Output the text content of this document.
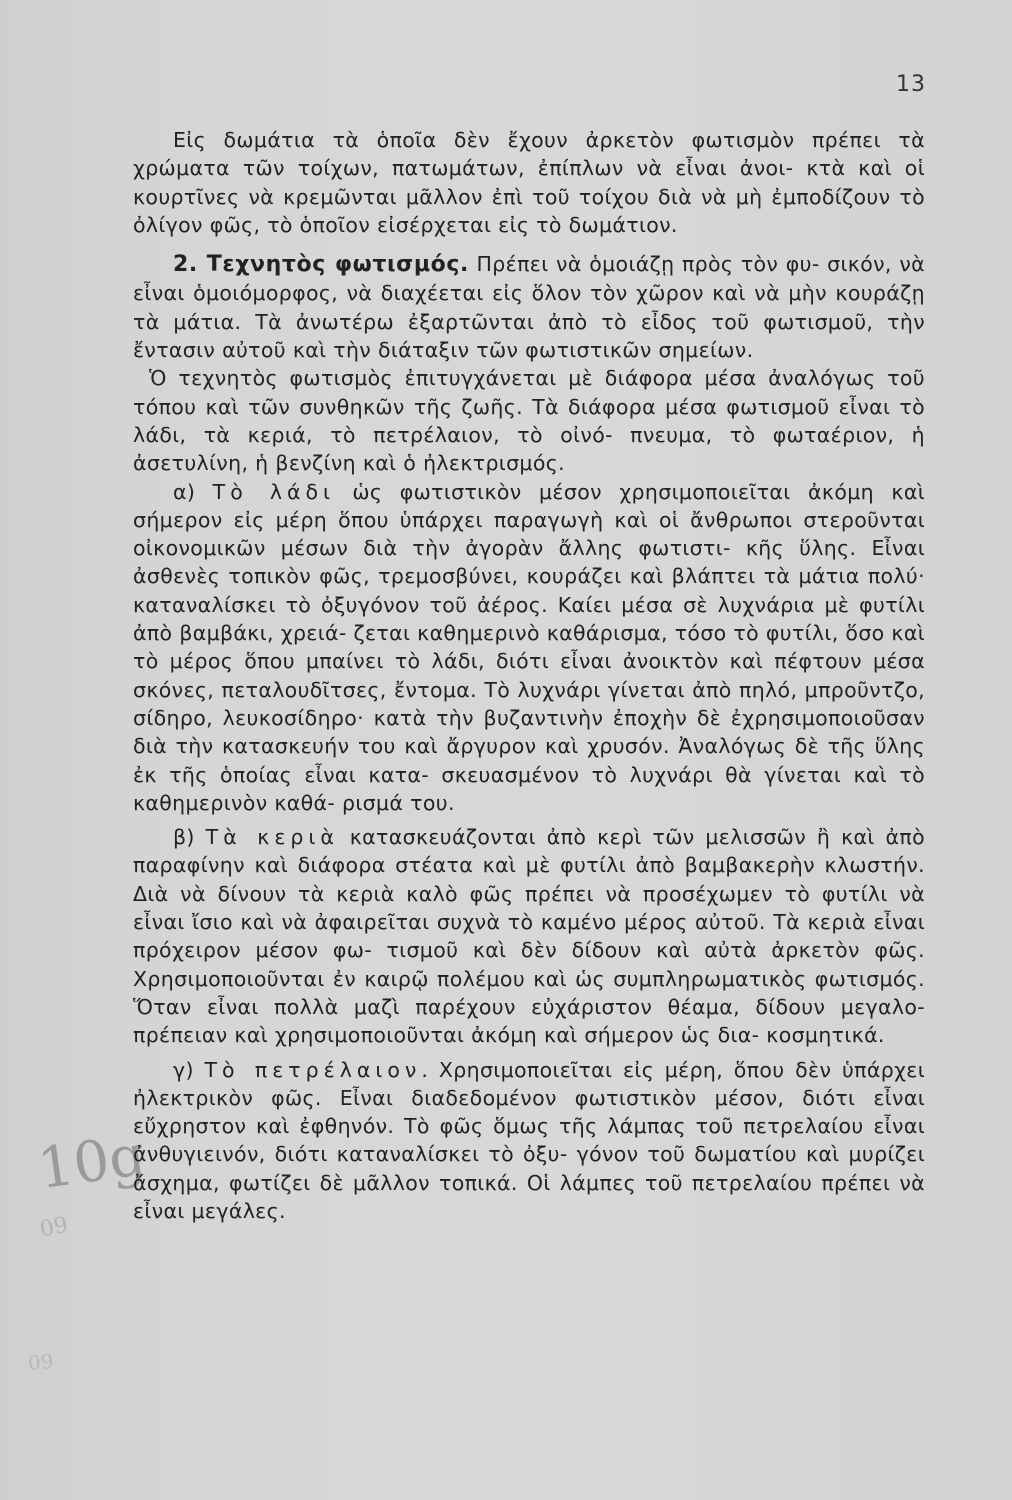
13
10g
09
09

Εἰς δωμάτια τὰ ὁποῖα δὲν ἔχουν ἀρκετὸν φωτισμὸν πρέπει τὰ χρώματα τῶν τοίχων, πατωμάτων, ἐπίπλων νὰ εἶναι ἀνοι- κτὰ καὶ οἱ κουρτῖνες νὰ κρεμῶνται μᾶλλον ἐπὶ τοῦ τοίχου διὰ νὰ μὴ ἐμποδίζουν τὸ ὀλίγον φῶς, τὸ ὁποῖον εἰσέρχεται εἰς τὸ δωμάτιον.

2. Τεχνητὸς φωτισμός. Πρέπει νὰ ὁμοιάζῃ πρὸς τὸν φυ- σικόν, νὰ εἶναι ὁμοιόμορφος, νὰ διαχέεται εἰς ὅλον τὸν χῶρον καὶ νὰ μὴν κουράζῃ τὰ μάτια. Τὰ ἀνωτέρω ἐξαρτῶνται ἀπὸ τὸ εἶδος τοῦ φωτισμοῦ, τὴν ἔντασιν αὐτοῦ καὶ τὴν διάταξιν τῶν φωτιστικῶν σημείων.

Ὁ τεχνητὸς φωτισμὸς ἐπιτυγχάνεται μὲ διάφορα μέσα ἀναλόγως τοῦ τόπου καὶ τῶν συνθηκῶν τῆς ζωῆς. Τὰ διάφορα μέσα φωτισμοῦ εἶναι τὸ λάδι, τὰ κεριά, τὸ πετρέλαιον, τὸ οἰνό- πνευμα, τὸ φωταέριον, ἡ ἀσετυλίνη, ἡ βενζίνη καὶ ὁ ἠλεκτρισμός.

α) Τὸ λάδι ὡς φωτιστικὸν μέσον χρησιμοποιεῖται ἀκόμη καὶ σήμερον εἰς μέρη ὅπου ὑπάρχει παραγωγὴ καὶ οἱ ἄνθρωποι στεροῦνται οἰκονομικῶν μέσων διὰ τὴν ἀγορὰν ἄλλης φωτιστι- κῆς ὕλης. Εἶναι ἀσθενὲς τοπικὸν φῶς, τρεμοσβύνει, κουράζει καὶ βλάπτει τὰ μάτια πολύ· καταναλίσκει τὸ ὀξυγόνον τοῦ ἀέρος. Καίει μέσα σὲ λυχνάρια μὲ φυτίλι ἀπὸ βαμβάκι, χρειά- ζεται καθημερινὸ καθάρισμα, τόσο τὸ φυτίλι, ὅσο καὶ τὸ μέρος ὅπου μπαίνει τὸ λάδι, διότι εἶναι ἀνοικτὸν καὶ πέφτουν μέσα σκόνες, πεταλουδῖτσες, ἔντομα. Τὸ λυχνάρι γίνεται ἀπὸ πηλό, μπροῦντζο, σίδηρο, λευκοσίδηρο· κατὰ τὴν βυζαντινὴν ἐποχὴν δὲ ἐχρησιμοποιοῦσαν διὰ τὴν κατασκευήν του καὶ ἄργυρον καὶ χρυσόν. Ἀναλόγως δὲ τῆς ὕλης ἐκ τῆς ὁποίας εἶναι κατα- σκευασμένον τὸ λυχνάρι θὰ γίνεται καὶ τὸ καθημερινὸν καθά- ρισμά του.

β) Τὰ κεριὰ κατασκευάζονται ἀπὸ κερὶ τῶν μελισσῶν ἢ καὶ ἀπὸ παραφίνην καὶ διάφορα στέατα καὶ μὲ φυτίλι ἀπὸ βαμβακερὴν κλωστήν. Διὰ νὰ δίνουν τὰ κεριὰ καλὸ φῶς πρέπει νὰ προσέχωμεν τὸ φυτίλι νὰ εἶναι ἴσιο καὶ νὰ ἀφαιρεῖται συχνὰ τὸ καμένο μέρος αὐτοῦ. Τὰ κεριὰ εἶναι πρόχειρον μέσον φω- τισμοῦ καὶ δὲν δίδουν καὶ αὐτὰ ἀρκετὸν φῶς. Χρησιμοποιοῦνται ἐν καιρῷ πολέμου καὶ ὡς συμπληρωματικὸς φωτισμός. Ὅταν εἶναι πολλὰ μαζὶ παρέχουν εὐχάριστον θέαμα, δίδουν μεγαλο- πρέπειαν καὶ χρησιμοποιοῦνται ἀκόμη καὶ σήμερον ὡς δια- κοσμητικά.

γ) Τὸ πετρέλαιον. Χρησιμοποιεῖται εἰς μέρη, ὅπου δὲν ὑπάρχει ἠλεκτρικὸν φῶς. Εἶναι διαδεδομένον φωτιστικὸν μέσον, διότι εἶναι εὔχρηστον καὶ ἐφθηνόν. Τὸ φῶς ὅμως τῆς λάμπας τοῦ πετρελαίου εἶναι ἀνθυγιεινόν, διότι καταναλίσκει τὸ ὀξυ- γόνον τοῦ δωματίου καὶ μυρίζει ἄσχημα, φωτίζει δὲ μᾶλλον τοπικά. Οἱ λάμπες τοῦ πετρελαίου πρέπει νὰ εἶναι μεγάλες.
